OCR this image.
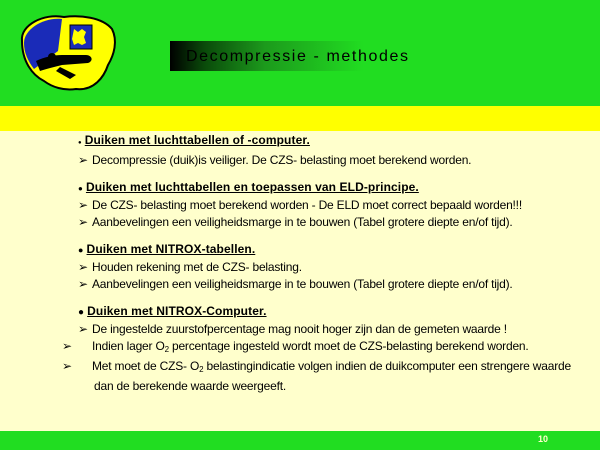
Decompressie - methodes
● Duiken met luchttabellen of -computer.
➢ Decompressie (duik)is veiliger. De CZS- belasting moet berekend worden.
● Duiken met luchttabellen en toepassen van ELD-principe.
➢ De CZS- belasting moet berekend worden - De ELD moet correct bepaald worden!!!
➢ Aanbevelingen een veiligheidsmarge in te bouwen (Tabel grotere diepte en/of tijd).
● Duiken met NITROX-tabellen.
➢ Houden rekening met de CZS- belasting.
➢ Aanbevelingen een veiligheidsmarge in te bouwen (Tabel grotere diepte en/of tijd).
● Duiken met NITROX-Computer.
➢ De ingestelde zuurstofpercentage mag nooit hoger zijn dan de gemeten waarde !
➢ Indien lager $O_2$ percentage ingesteld wordt moet de CZS-belasting berekend worden.
➢ Met moet de CZS- $O_2$ belastingindicatie volgen indien de duikcomputer een strengere waarde dan de berekende waarde weergeeft.
10
